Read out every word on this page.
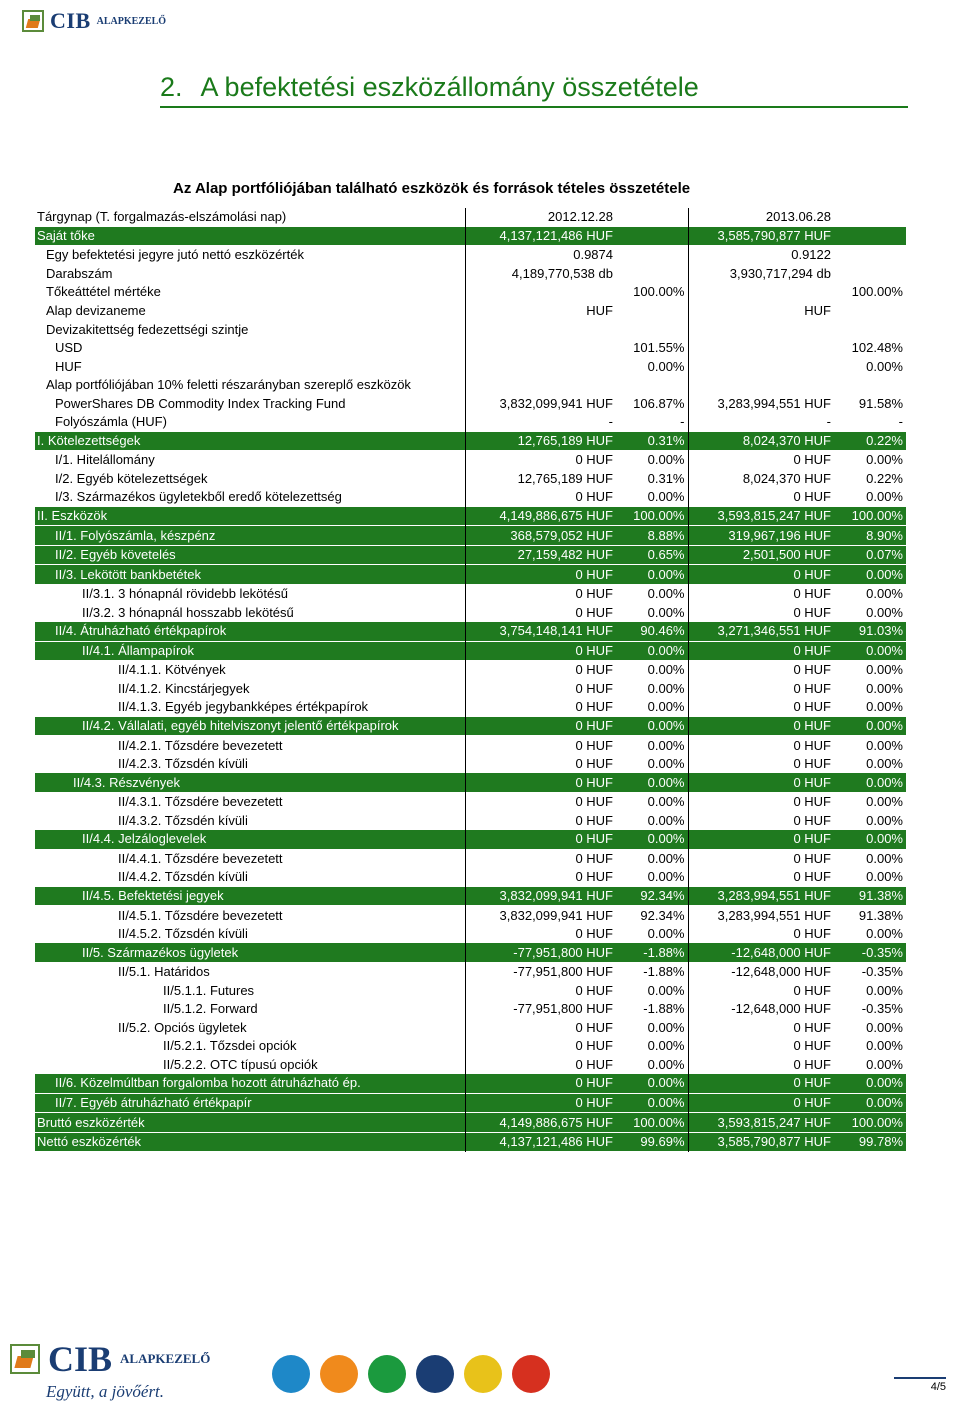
CIB ALAPKEZELŐ
2. A befektetési eszközállomány összetétele
Az Alap portfóliójában található eszközök és források tételes összetétele
Tárgynap (T. forgalmazás-elszámolási nap)	2012.12.28		2013.06.28	
Saját tőke	4,137,121,486 HUF		3,585,790,877 HUF	
Egy befektetési jegyre jutó nettó eszközérték	0.9874		0.9122	
Darabszám	4,189,770,538 db		3,930,717,294 db	
Tőkeáttétel mértéke		100.00%		100.00%
Alap devizaneme	HUF		HUF	
Devizakitettség fedezettségi szintje				
USD		101.55%		102.48%
HUF		0.00%		0.00%
Alap portfóliójában 10% feletti részarányban szereplő eszközök				
PowerShares DB Commodity Index Tracking Fund	3,832,099,941 HUF	106.87%	3,283,994,551 HUF	91.58%
Folyószámla (HUF)	-	-	-	-
I. Kötelezettségek	12,765,189 HUF	0.31%	8,024,370 HUF	0.22%
I/1. Hitelállomány	0 HUF	0.00%	0 HUF	0.00%
I/2. Egyéb kötelezettségek	12,765,189 HUF	0.31%	8,024,370 HUF	0.22%
I/3. Származékos ügyletekből eredő kötelezettség	0 HUF	0.00%	0 HUF	0.00%
II. Eszközök	4,149,886,675 HUF	100.00%	3,593,815,247 HUF	100.00%
II/1. Folyószámla, készpénz	368,579,052 HUF	8.88%	319,967,196 HUF	8.90%
II/2. Egyéb követelés	27,159,482 HUF	0.65%	2,501,500 HUF	0.07%
II/3. Lekötött bankbetétek	0 HUF	0.00%	0 HUF	0.00%
II/3.1. 3 hónapnál rövidebb lekötésű	0 HUF	0.00%	0 HUF	0.00%
II/3.2. 3 hónapnál hosszabb lekötésű	0 HUF	0.00%	0 HUF	0.00%
II/4. Átruházható értékpapírok	3,754,148,141 HUF	90.46%	3,271,346,551 HUF	91.03%
II/4.1. Állampapírok	0 HUF	0.00%	0 HUF	0.00%
II/4.1.1. Kötvények	0 HUF	0.00%	0 HUF	0.00%
II/4.1.2. Kincstárjegyek	0 HUF	0.00%	0 HUF	0.00%
II/4.1.3. Egyéb jegybankképes értékpapírok	0 HUF	0.00%	0 HUF	0.00%
II/4.2. Vállalati, egyéb hitelviszonyt jelentő értékpapírok	0 HUF	0.00%	0 HUF	0.00%
II/4.2.1. Tőzsdére bevezetett	0 HUF	0.00%	0 HUF	0.00%
II/4.2.3. Tőzsdén kívüli	0 HUF	0.00%	0 HUF	0.00%
II/4.3. Részvények	0 HUF	0.00%	0 HUF	0.00%
II/4.3.1. Tőzsdére bevezetett	0 HUF	0.00%	0 HUF	0.00%
II/4.3.2. Tőzsdén kívüli	0 HUF	0.00%	0 HUF	0.00%
II/4.4. Jelzáloglevelek	0 HUF	0.00%	0 HUF	0.00%
II/4.4.1. Tőzsdére bevezetett	0 HUF	0.00%	0 HUF	0.00%
II/4.4.2. Tőzsdén kívüli	0 HUF	0.00%	0 HUF	0.00%
II/4.5. Befektetési jegyek	3,832,099,941 HUF	92.34%	3,283,994,551 HUF	91.38%
II/4.5.1. Tőzsdére bevezetett	3,832,099,941 HUF	92.34%	3,283,994,551 HUF	91.38%
II/4.5.2. Tőzsdén kívüli	0 HUF	0.00%	0 HUF	0.00%
II/5. Származékos ügyletek	-77,951,800 HUF	-1.88%	-12,648,000 HUF	-0.35%
II/5.1. Határidos	-77,951,800 HUF	-1.88%	-12,648,000 HUF	-0.35%
II/5.1.1. Futures	0 HUF	0.00%	0 HUF	0.00%
II/5.1.2. Forward	-77,951,800 HUF	-1.88%	-12,648,000 HUF	-0.35%
II/5.2. Opciós ügyletek	0 HUF	0.00%	0 HUF	0.00%
II/5.2.1. Tőzsdei opciók	0 HUF	0.00%	0 HUF	0.00%
II/5.2.2. OTC típusú opciók	0 HUF	0.00%	0 HUF	0.00%
II/6. Közelmúltban forgalomba hozott átruházható ép.	0 HUF	0.00%	0 HUF	0.00%
II/7. Egyéb átruházható értékpapír	0 HUF	0.00%	0 HUF	0.00%
Bruttó eszközérték	4,149,886,675 HUF	100.00%	3,593,815,247 HUF	100.00%
Nettó eszközérték	4,137,121,486 HUF	99.69%	3,585,790,877 HUF	99.78%
CIB ALAPKEZELŐ
Együtt, a jövőért.	4/5
